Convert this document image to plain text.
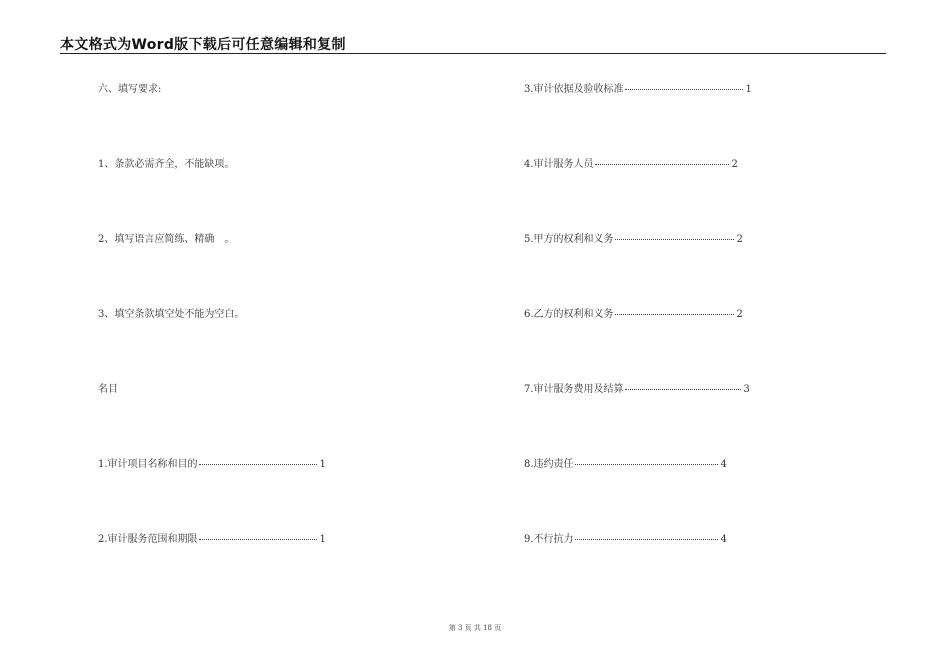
本文格式为Word版下载后可任意编辑和复制
六、填写要求:
1、条款必需齐全，不能缺项。
2、填写语言应简练、精确　。
3、填空条款填空处不能为空白。
名目
1.审计项目名称和目的	1
2.审计服务范围和期限	1
3.审计依据及验收标准	1
4.审计服务人员	2
5.甲方的权利和义务	2
6.乙方的权利和义务	2
7.审计服务费用及结算	3
8.违约责任	4
9.不行抗力	4
第 3 页 共 18 页
